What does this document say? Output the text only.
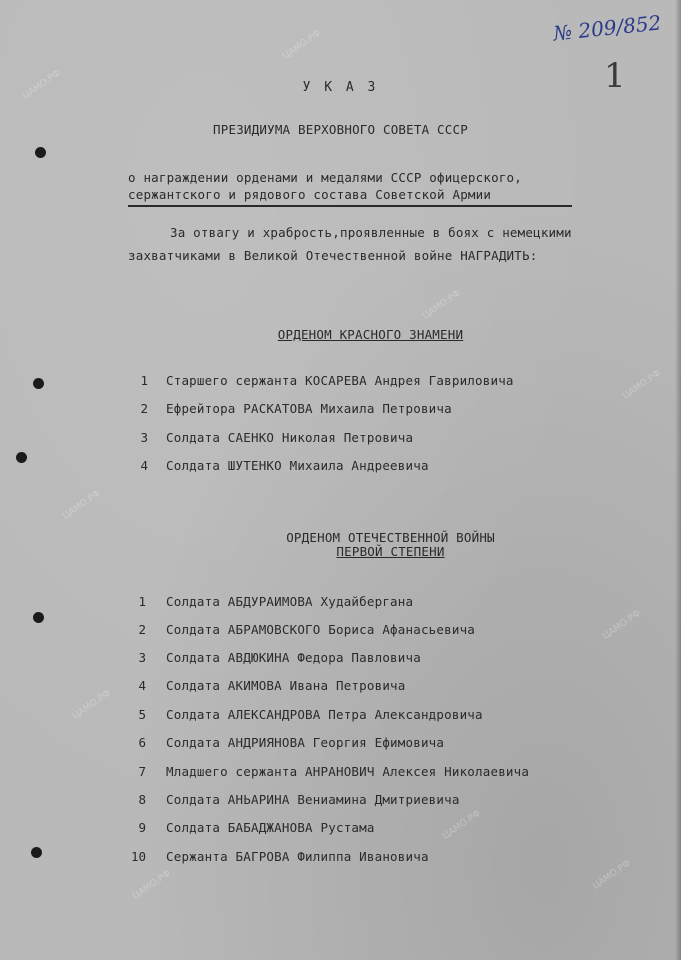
ЦАМО.РФ
ЦАМО.РФ
ЦАМО.РФ
ЦАМО.РФ
ЦАМО.РФ
ЦАМО.РФ
ЦАМО.РФ
ЦАМО.РФ
ЦАМО.РФ	ЦАМО.РФ
№ 209/852
1
У К А З
ПРЕЗИДИУМА ВЕРХОВНОГО СОВЕТА СССР
о награждении орденами и медалями СССР офицерского,
сержантского и рядового состава Советской Армии
За отвагу и храбрость,проявленные в боях с немецкими
захватчиками в Великой Отечественной войне НАГРАДИТЬ:
ОРДЕНОМ КРАСНОГО ЗНАМЕНИ
1 Старшего сержанта КОСАРЕВА Андрея Гавриловича
2 Ефрейтора РАСКАТОВА Михаила Петровича
3 Солдата САЕНКО Николая Петровича
4 Солдата ШУТЕНКО Михаила Андреевича
ОРДЕНОМ ОТЕЧЕСТВЕННОЙ ВОЙНЫ
ПЕРВОЙ СТЕПЕНИ
1 Солдата АБДУРАИМОВА Худайбергана
2 Солдата АБРАМОВСКОГО Бориса Афанасьевича
3 Солдата АВДЮКИНА Федора Павловича
4 Солдата АКИМОВА Ивана Петровича
5 Солдата АЛЕКСАНДРОВА Петра Александровича
6 Солдата АНДРИЯНОВА Георгия Ефимовича
7 Младшего сержанта АНРАНОВИЧ Алексея Николаевича
8 Солдата АНЬАРИНА Вениамина Дмитриевича
9 Солдата БАБАДЖАНОВА Рустама
10 Сержанта БАГРОВА Филиппа Ивановича
